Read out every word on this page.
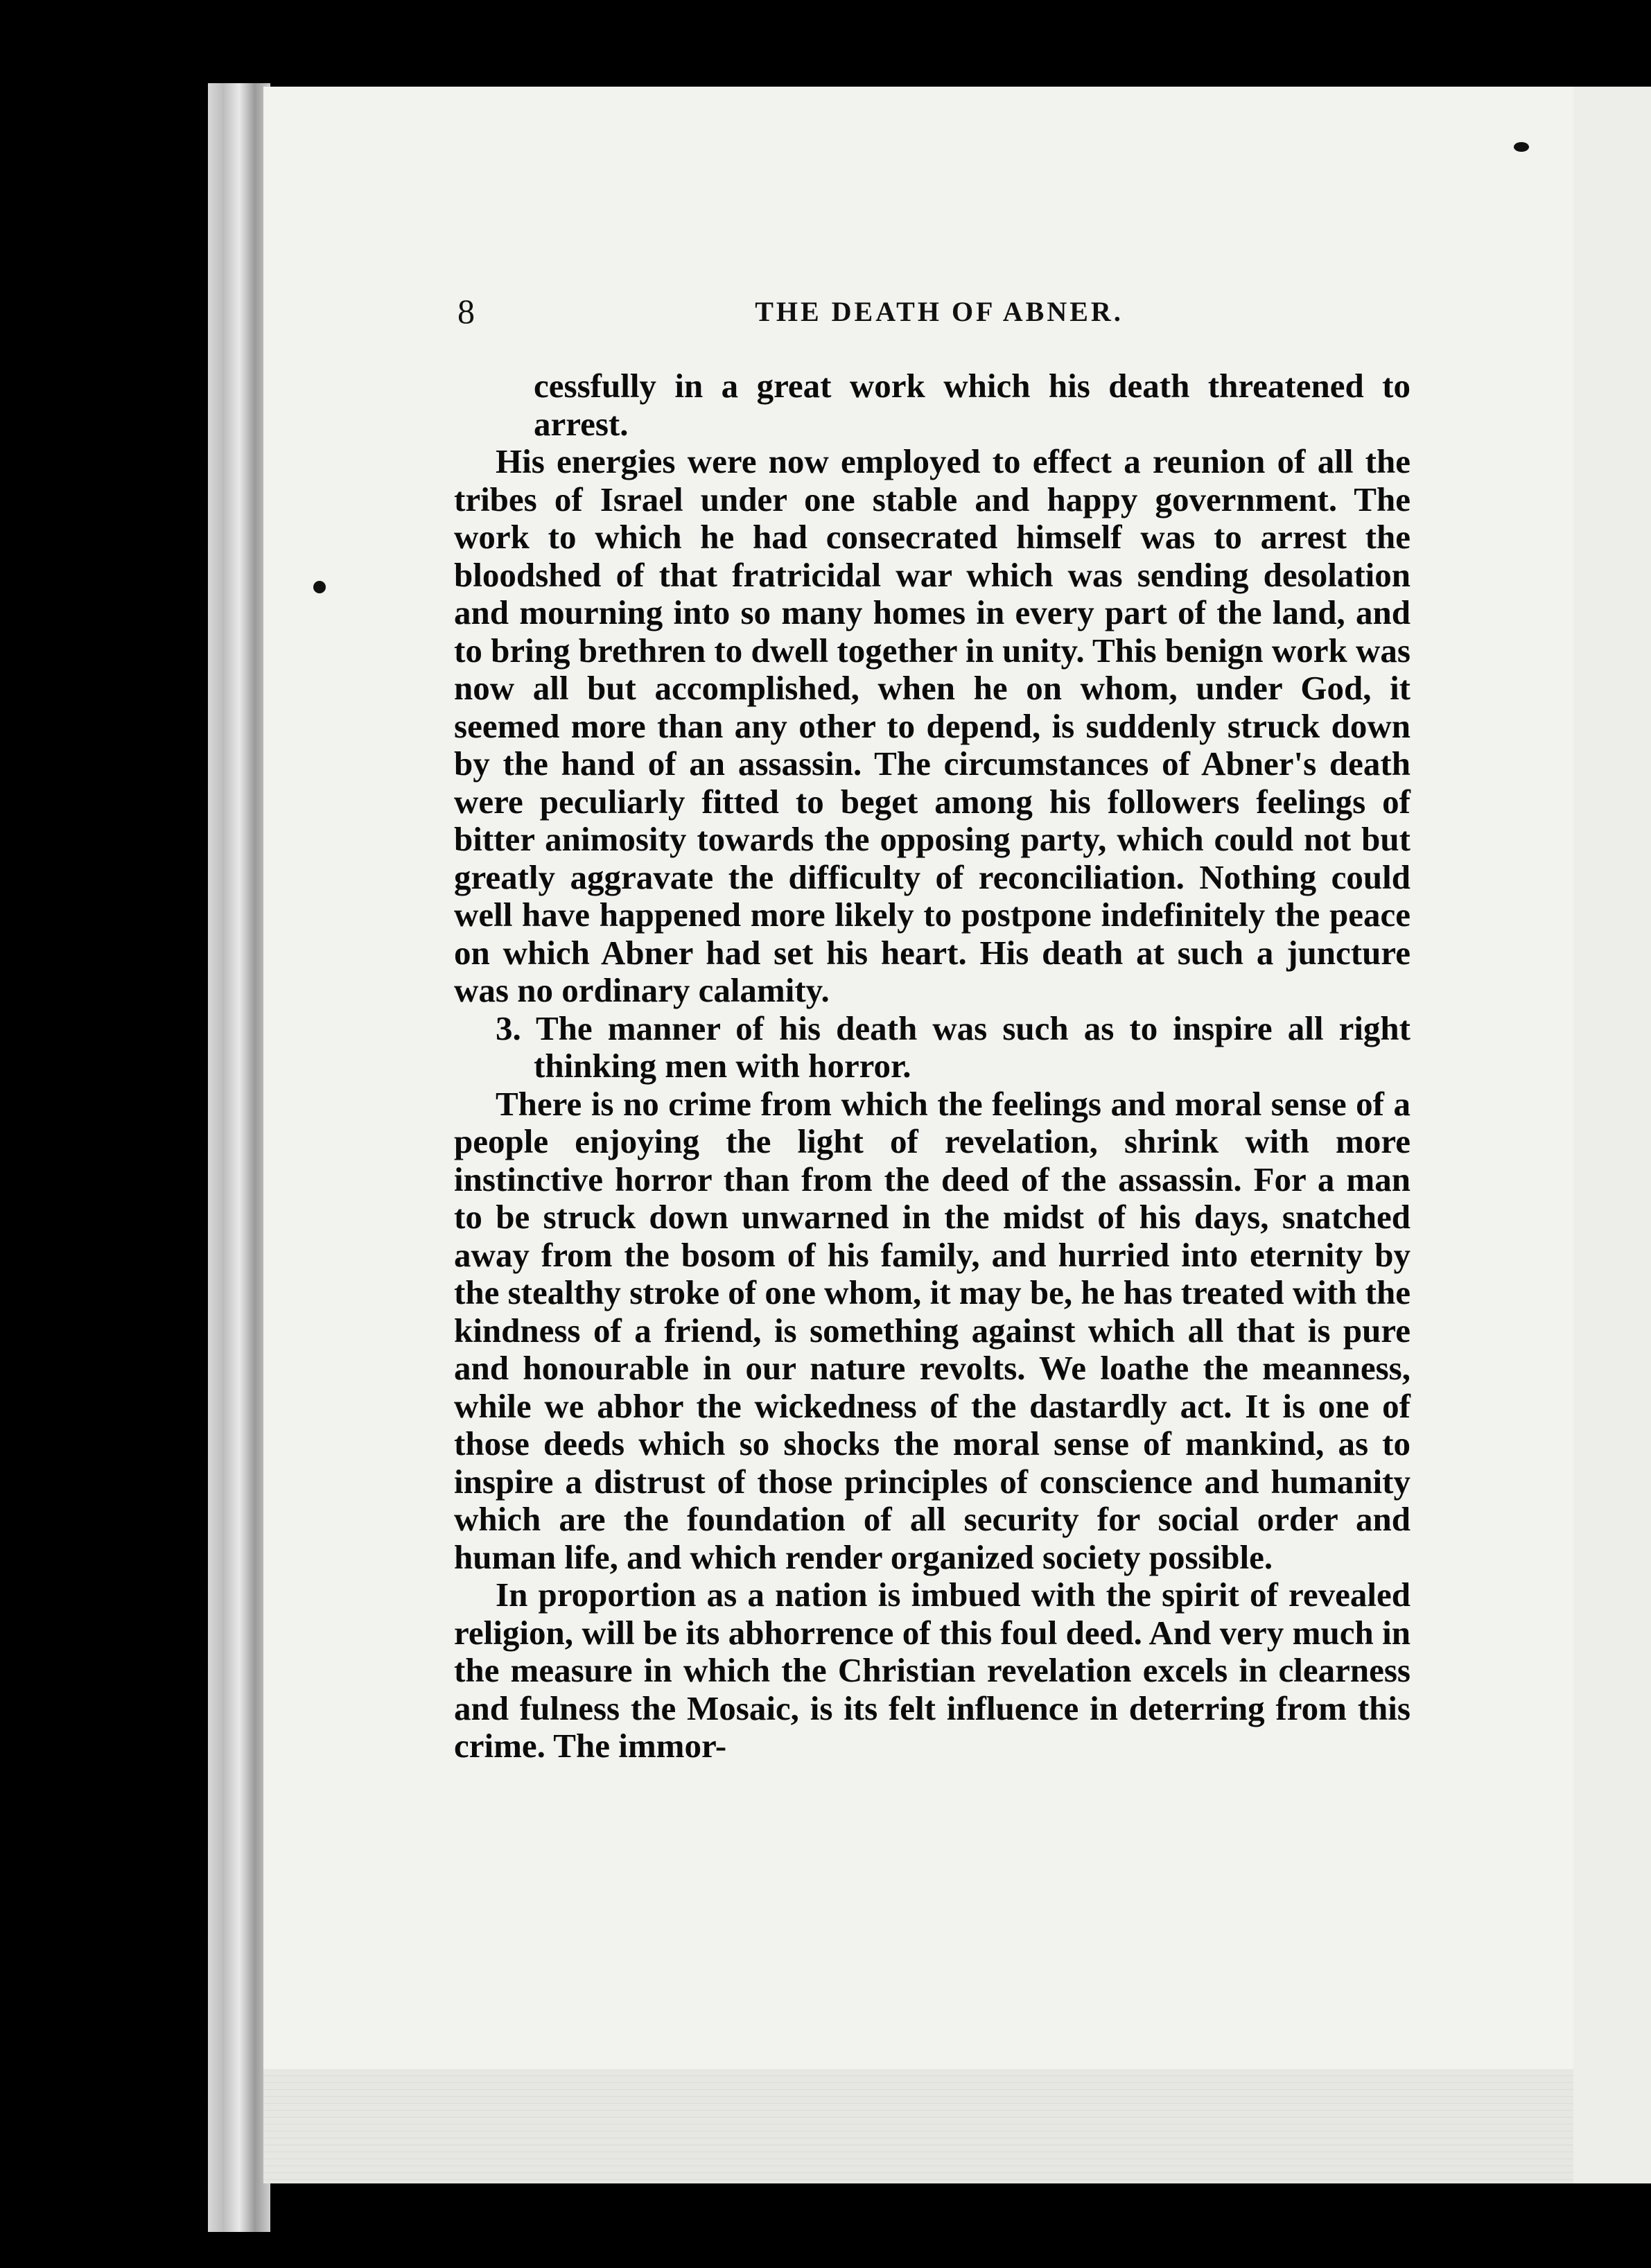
8	THE DEATH OF ABNER.

cessfully in a great work which his death threatened to arrest.

His energies were now employed to effect a reunion of all the tribes of Israel under one stable and happy government. The work to which he had consecrated himself was to arrest the bloodshed of that fratricidal war which was sending desolation and mourning into so many homes in every part of the land, and to bring brethren to dwell together in unity. This benign work was now all but accomplished, when he on whom, under God, it seemed more than any other to depend, is suddenly struck down by the hand of an assassin. The circumstances of Abner's death were peculiarly fitted to beget among his followers feelings of bitter animosity towards the opposing party, which could not but greatly aggravate the difficulty of reconciliation. Nothing could well have happened more likely to postpone indefinitely the peace on which Abner had set his heart. His death at such a juncture was no ordinary calamity.

3. The manner of his death was such as to inspire all right thinking men with horror.

There is no crime from which the feelings and moral sense of a people enjoying the light of revelation, shrink with more instinctive horror than from the deed of the assassin. For a man to be struck down unwarned in the midst of his days, snatched away from the bosom of his family, and hurried into eternity by the stealthy stroke of one whom, it may be, he has treated with the kindness of a friend, is something against which all that is pure and honourable in our nature revolts. We loathe the meanness, while we abhor the wickedness of the dastardly act. It is one of those deeds which so shocks the moral sense of mankind, as to inspire a distrust of those principles of conscience and humanity which are the foundation of all security for social order and human life, and which render organized society possible.

In proportion as a nation is imbued with the spirit of revealed religion, will be its abhorrence of this foul deed. And very much in the measure in which the Christian revelation excels in clearness and fulness the Mosaic, is its felt influence in deterring from this crime. The immor-
